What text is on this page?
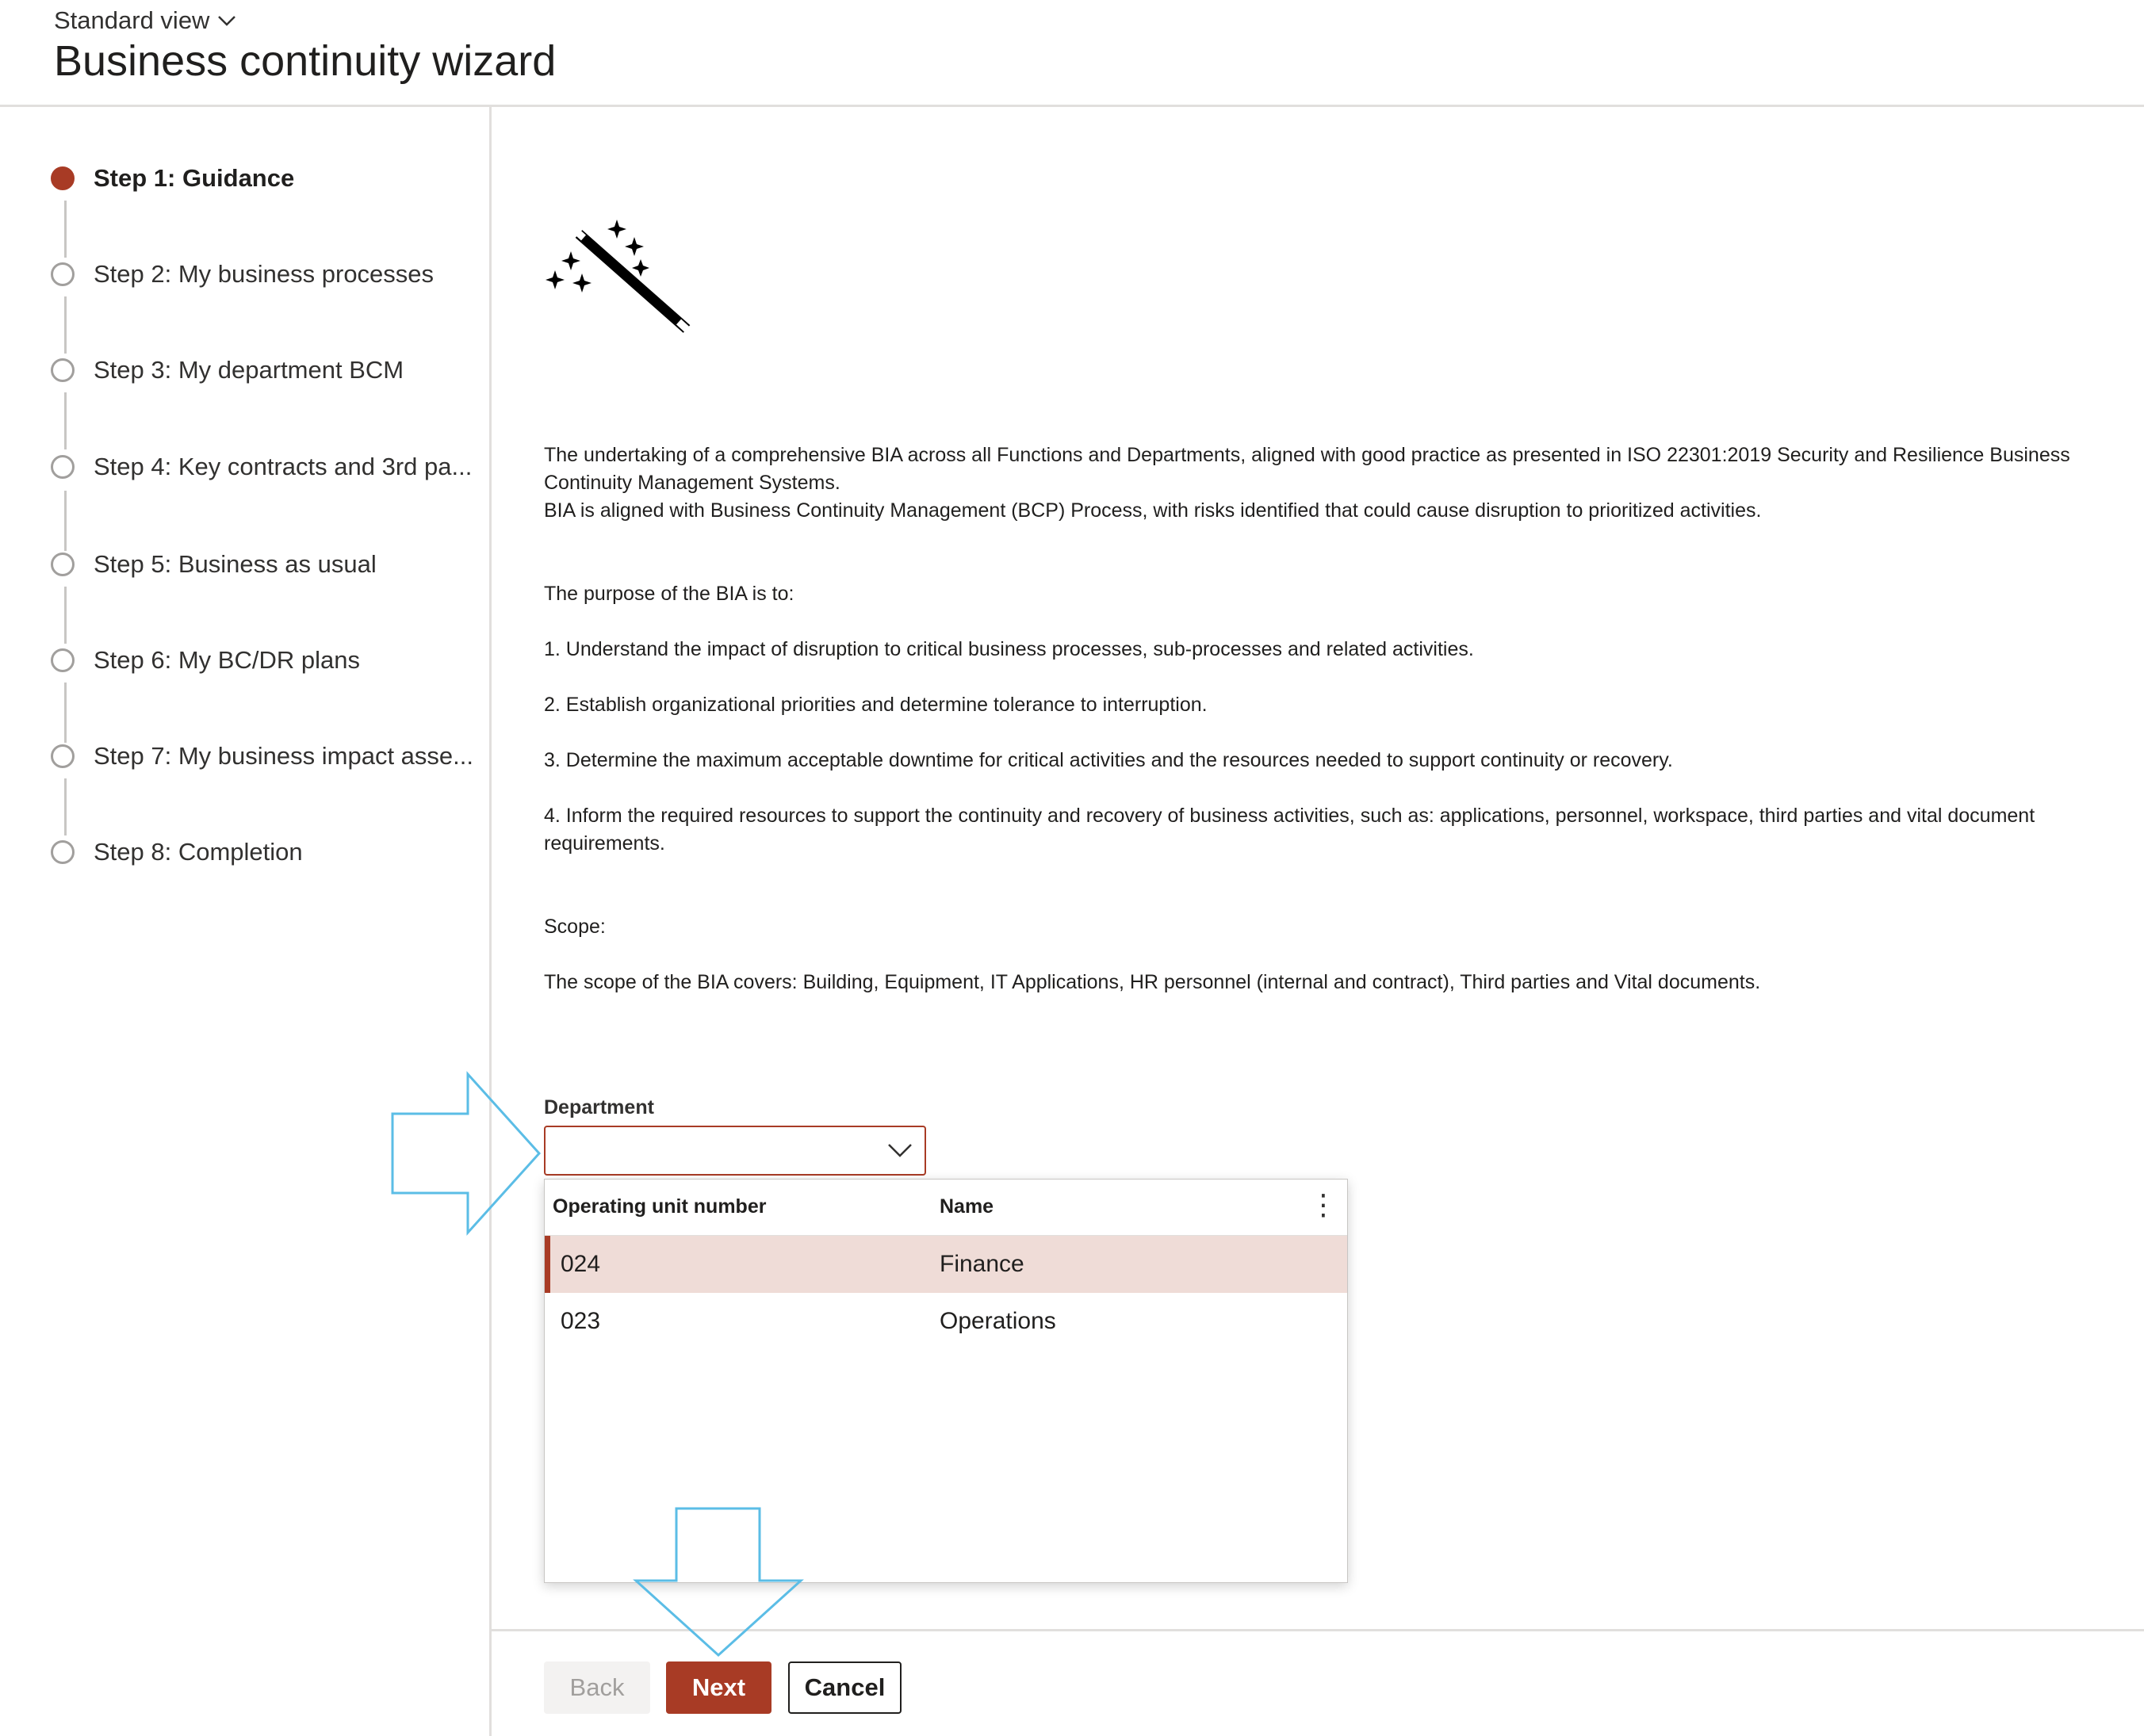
Standard view
Business continuity wizard
Step 1: Guidance
Step 2: My business processes
Step 3: My department BCM
Step 4: Key contracts and 3rd pa...
Step 5: Business as usual
Step 6: My BC/DR plans
Step 7: My business impact asse...
Step 8: Completion
The undertaking of a comprehensive BIA across all Functions and Departments, aligned with good practice as presented in ISO 22301:2019 Security and Resilience Business Continuity Management Systems.
BIA is aligned with Business Continuity Management (BCP) Process, with risks identified that could cause disruption to prioritized activities.
The purpose of the BIA is to:
1. Understand the impact of disruption to critical business processes, sub-processes and related activities.
2. Establish organizational priorities and determine tolerance to interruption.
3. Determine the maximum acceptable downtime for critical activities and the resources needed to support continuity or recovery.
4. Inform the required resources to support the continuity and recovery of business activities, such as: applications, personnel, workspace, third parties and vital document requirements.
Scope:
The scope of the BIA covers: Building, Equipment, IT Applications, HR personnel (internal and contract), Third parties and Vital documents.
Department
Operating unit number	Name	⋮
024	Finance
023	Operations
Back	Next	Cancel
